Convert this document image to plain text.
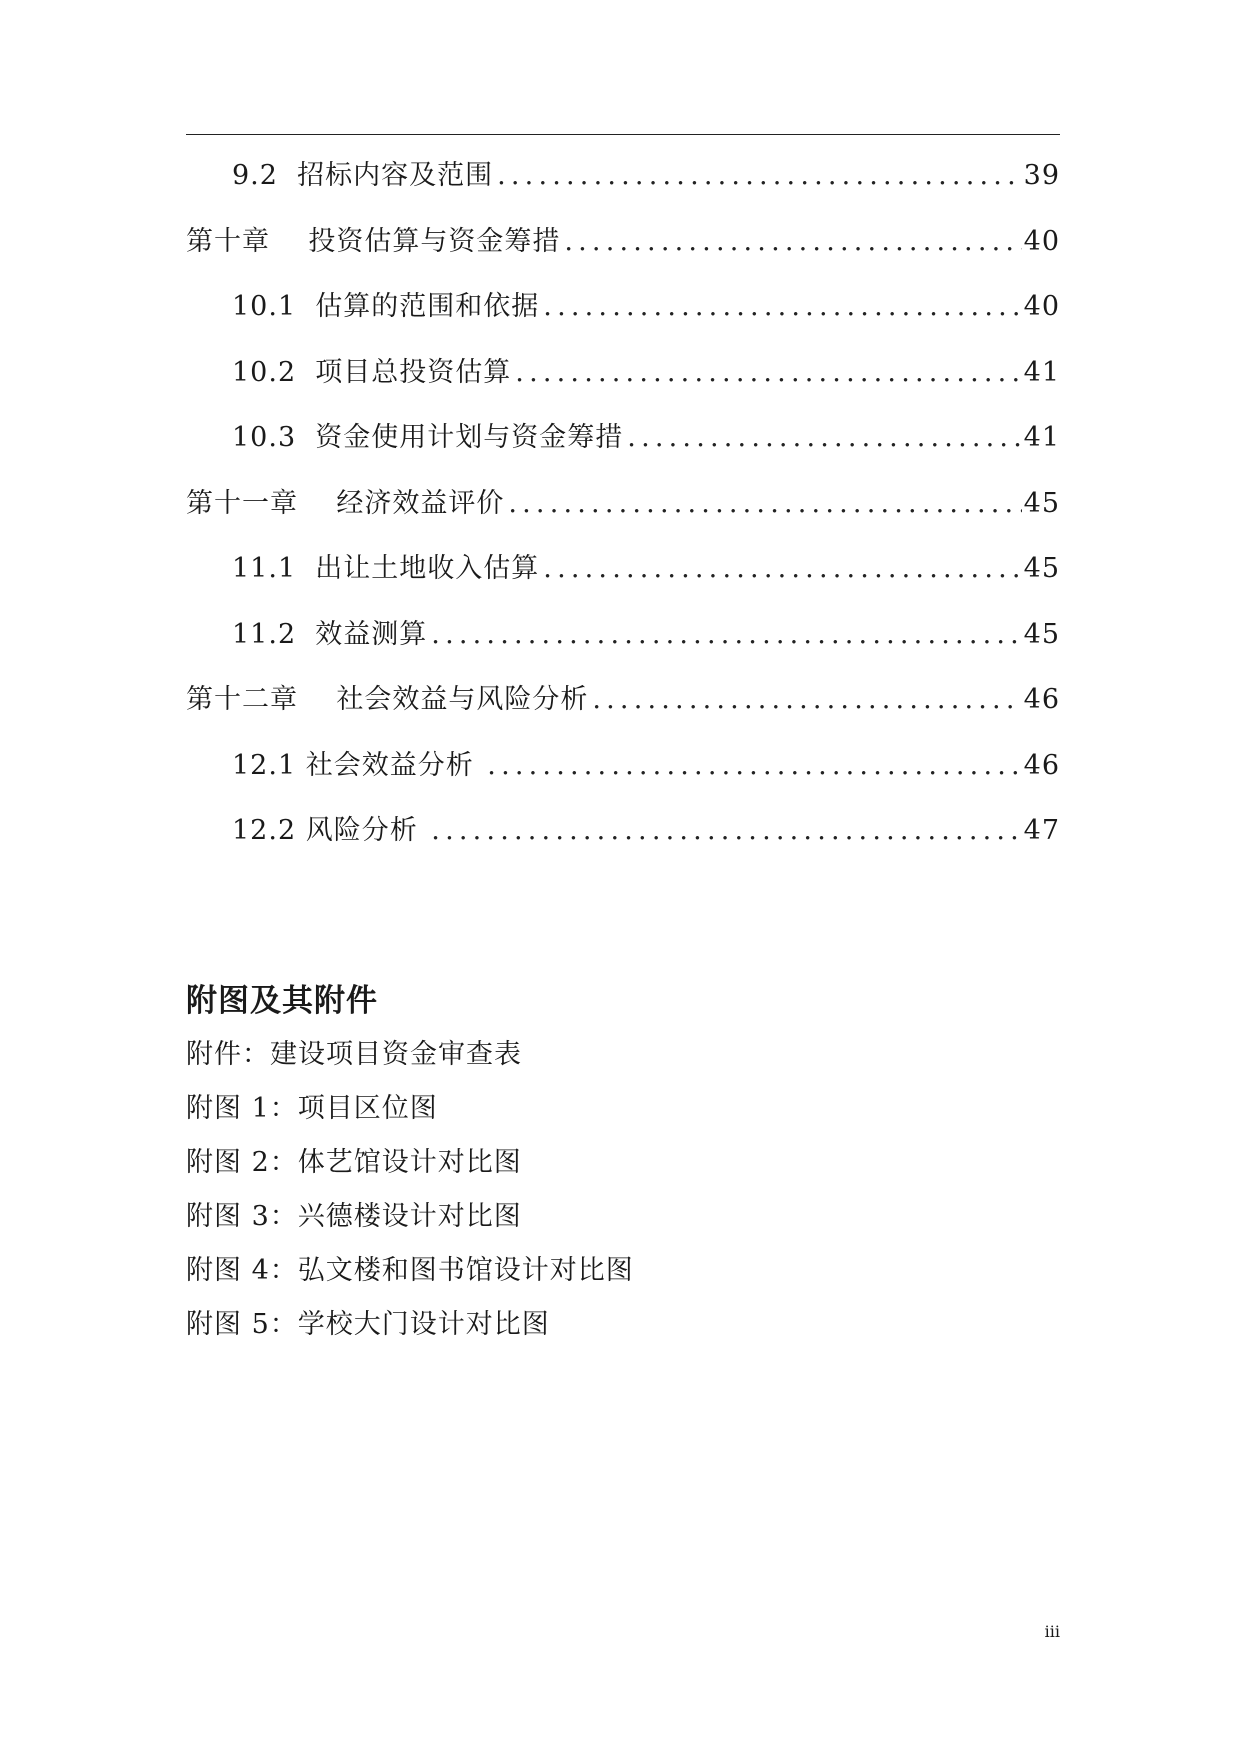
9.2  招标内容及范围 .....	39
第十章    投资估算与资金筹措 .....	40
10.1  估算的范围和依据 .....	40
10.2  项目总投资估算 .....	41
10.3  资金使用计划与资金筹措 .....	41
第十一章    经济效益评价 .....	45
11.1  出让土地收入估算 .....	45
11.2  效益测算 .....	45
第十二章    社会效益与风险分析 .....	46
12.1 社会效益分析 .....	46
12.2 风险分析 .....	47
附图及其附件
附件：建设项目资金审查表
附图 1：项目区位图
附图 2：体艺馆设计对比图
附图 3：兴德楼设计对比图
附图 4：弘文楼和图书馆设计对比图
附图 5：学校大门设计对比图
iii
